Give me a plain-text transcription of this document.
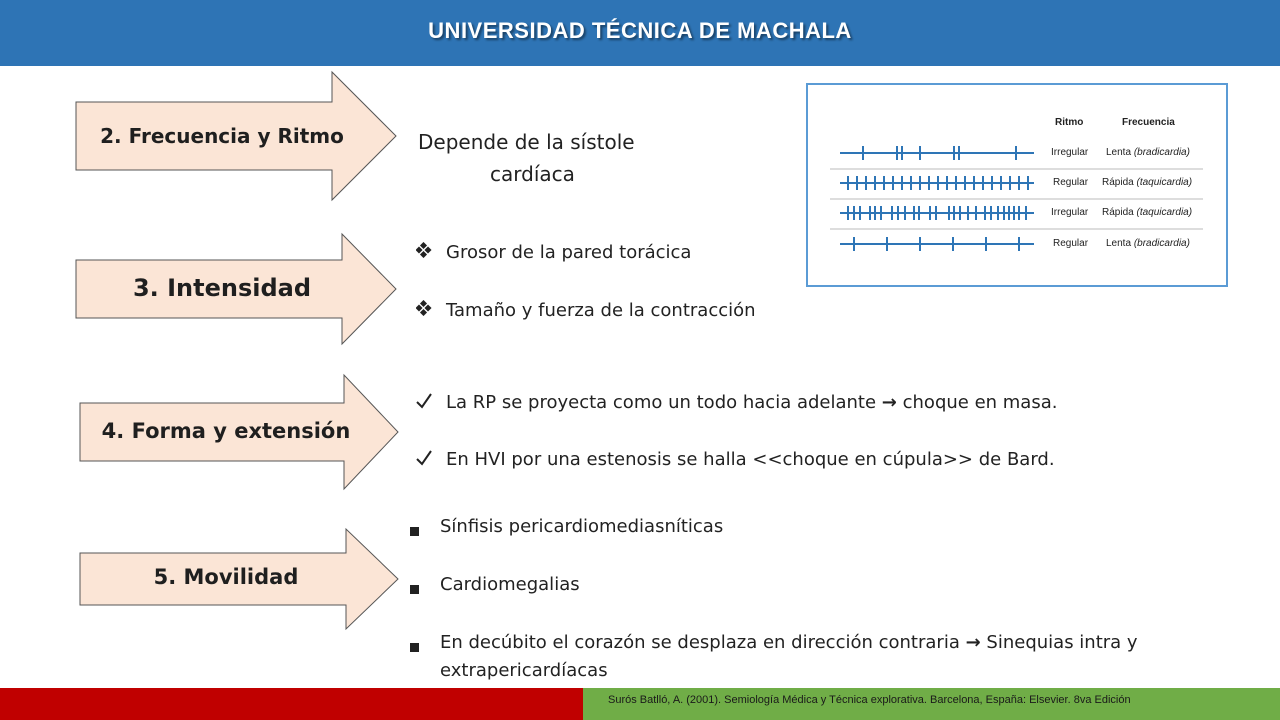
UNIVERSIDAD TÉCNICA DE MACHALA
2. Frecuencia y Ritmo
3. Intensidad
4. Forma y extensión
5. Movilidad
Depende de la sístole
cardíaca
Grosor de la pared torácica
Tamaño y fuerza de la contracción
La RP se proyecta como un todo hacia adelante → choque en masa.
En HVI por una estenosis se halla <<choque en cúpula>> de Bard.
Sínfisis pericardiomediasníticas
Cardiomegalias
En decúbito el corazón se desplaza en dirección contraria → Sinequias intra y
extrapericardíacas
Ritmo	Frecuencia
Irregular Lenta (bradicardia)
Regular Rápida (taquicardia)
Irregular Rápida (taquicardia)
Regular Lenta (bradicardia)
Surós Batlló, A. (2001). Semiología Médica y Técnica explorativa. Barcelona, España: Elsevier. 8va Edición
